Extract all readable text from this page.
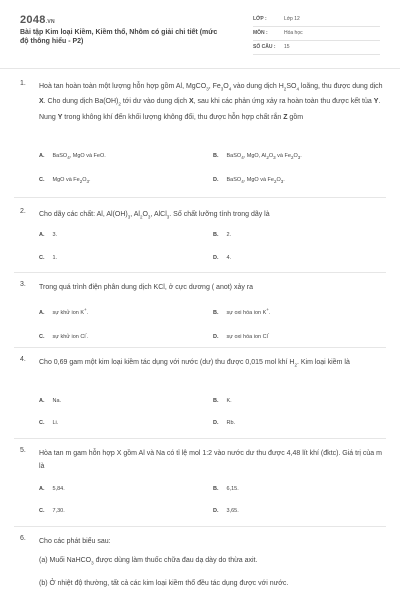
2048.VN
Bài tập Kim loại Kiềm, Kiềm thổ, Nhôm có giải chi tiết (mức độ thông hiểu - P2)
LỚP :	Lớp 12
MÔN :	Hóa học
SỐ CÂU : 15
1. Hoà tan hoàn toàn một lượng hỗn hợp gồm Al, MgCO$_3$, $Fe_3O_4$ vào dung dịch $H_2SO_4$ loãng, thu được dung dịch X. Cho dung dịch $Ba(OH)_2$ tới dư vào dung dịch X, sau khi các phản ứng xảy ra hoàn toàn thu được kết tủa Y. Nung Y trong không khí đến khối lượng không đổi, thu được hỗn hợp chất rắn Z gồm
A. BaSO$_4$, MgO và FeO.	B. BaSO$_4$, MgO, $Al_2O_3$ và $Fe_2O_3$.
C. MgO và $Fe_2O_3$.	D. BaSO$_4$, MgO và $Fe_2O_3$.
2. Cho dãy các chất: Al, $Al(OH)_3$, $Al_2O_3$, AlCl$_3$. Số chất lưỡng tính trong dãy là
A. 3.	B. 2.
C. 1.	D. 4.
3. Trong quá trình điện phân dung dịch KCl, ở cực dương ( anot) xảy ra
A. sự khử ion K+.	B. sự oxi hóa ion K+.
C. sự khử ion Cl-.	D. sự oxi hóa ion Cl-
4. Cho 0,69 gam một kim loại kiềm tác dụng với nước (dư) thu được 0,015 mol khí $H_2$. Kim loại kiềm là
A. Na.	B. K.
C. Li.	D. Rb.
5. Hòa tan m gam hỗn hợp X gồm Al và Na có tỉ lệ mol 1:2 vào nước dư thu được 4,48 lít khí (đktc). Giá trị của m là
A. 5,84.	B. 6,15.
C. 7,30.	D. 3,65.
6. Cho các phát biểu sau:
(a) Muối NaHCO$_3$ được dùng làm thuốc chữa đau dạ dày do thừa axit.
(b) Ở nhiệt độ thường, tất cả các kim loại kiềm thổ đều tác dụng được với nước.
